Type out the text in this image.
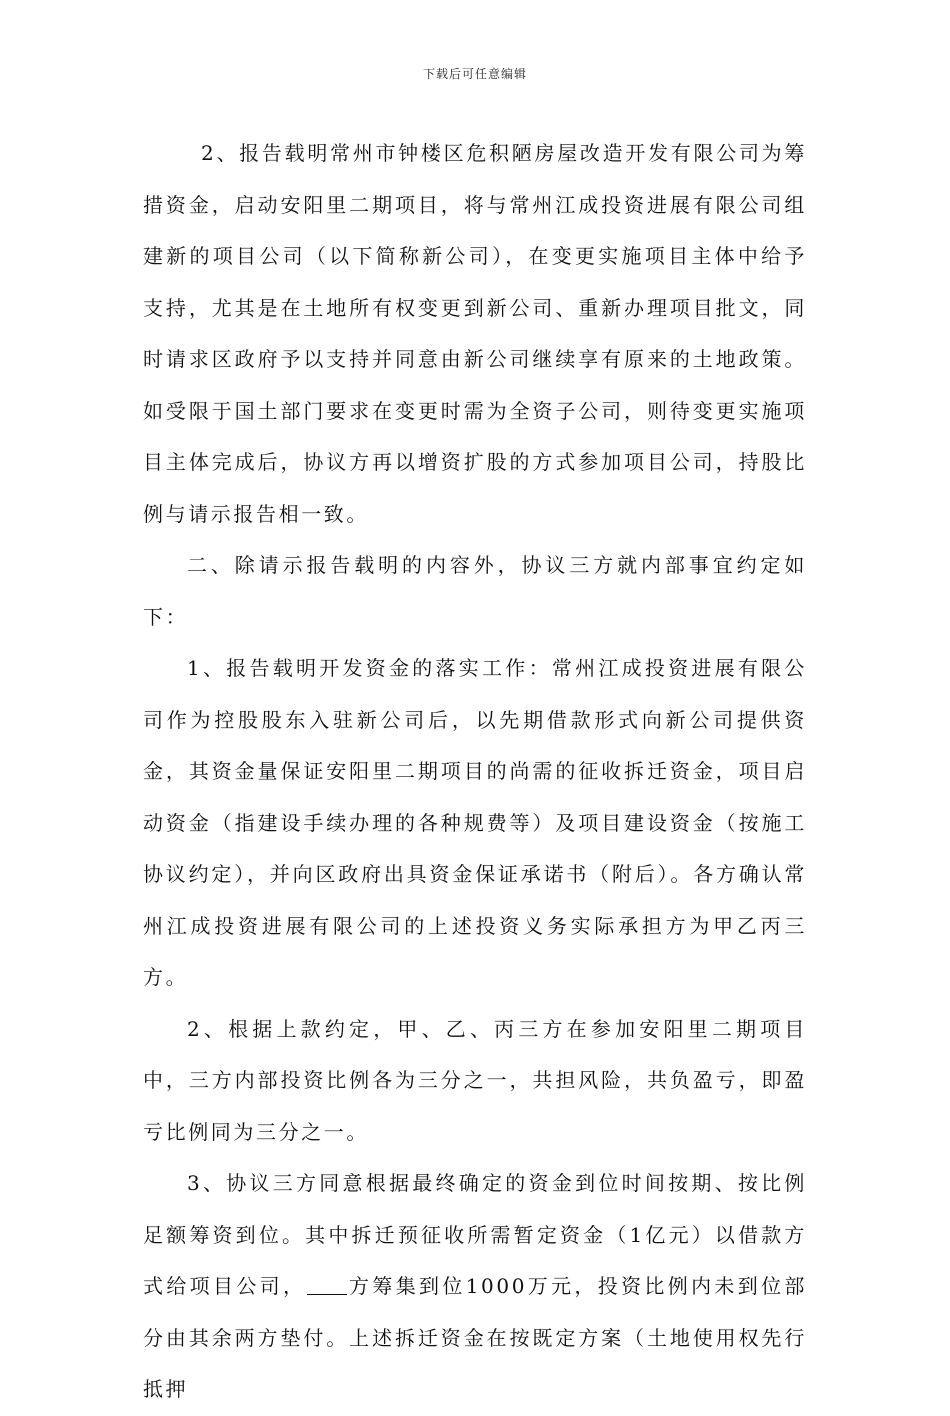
下载后可任意编辑

2、报告载明常州市钟楼区危积陋房屋改造开发有限公司为筹措资金，启动安阳里二期项目，将与常州江成投资进展有限公司组建新的项目公司（以下简称新公司），在变更实施项目主体中给予支持，尤其是在土地所有权变更到新公司、重新办理项目批文，同时请求区政府予以支持并同意由新公司继续享有原来的土地政策。如受限于国土部门要求在变更时需为全资子公司，则待变更实施项目主体完成后，协议方再以增资扩股的方式参加项目公司，持股比例与请示报告相一致。

二、除请示报告载明的内容外，协议三方就内部事宜约定如下：

1、报告载明开发资金的落实工作：常州江成投资进展有限公司作为控股股东入驻新公司后，以先期借款形式向新公司提供资金，其资金量保证安阳里二期项目的尚需的征收拆迁资金，项目启动资金（指建设手续办理的各种规费等）及项目建设资金（按施工协议约定），并向区政府出具资金保证承诺书（附后）。各方确认常州江成投资进展有限公司的上述投资义务实际承担方为甲乙丙三方。

2、根据上款约定，甲、乙、丙三方在参加安阳里二期项目中，三方内部投资比例各为三分之一，共担风险，共负盈亏，即盈亏比例同为三分之一。

3、协议三方同意根据最终确定的资金到位时间按期、按比例足额筹资到位。其中拆迁预征收所需暂定资金（1亿元）以借款方式给项目公司， 方筹集到位1000万元，投资比例内未到位部分由其余两方垫付。上述拆迁资金在按既定方案（土地使用权先行抵押
